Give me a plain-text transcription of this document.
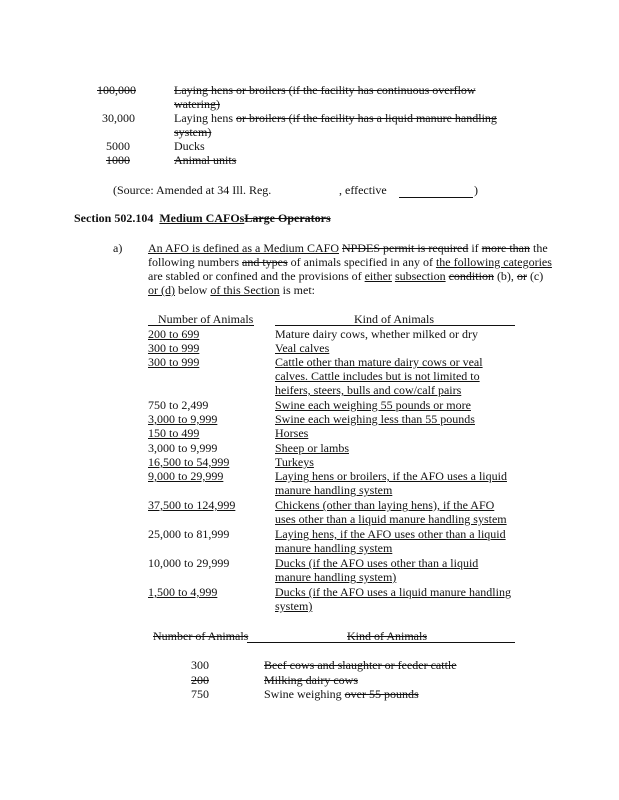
100,000	Laying hens or broilers (if the facility has continuous overflow
watering)
30,000	Laying hens or broilers (if the facility has a liquid manure handling
system)
5000	Ducks
1000	Animal units
(Source: Amended at 34 Ill. Reg.	, effective	)
Section 502.104 Medium CAFOsLarge Operators
a) An AFO is defined as a Medium CAFO NPDES permit is required if more than the
following numbers and types of animals specified in any of the following categories
are stabled or confined and the provisions of either subsection condition (b), or (c)
or (d) below of this Section is met:
Number of Animals	Kind of Animals
200 to 699	Mature dairy cows, whether milked or dry
300 to 999	Veal calves
300 to 999	Cattle other than mature dairy cows or veal
calves. Cattle includes but is not limited to
heifers, steers, bulls and cow/calf pairs
750 to 2,499	Swine each weighing 55 pounds or more
3,000 to 9,999	Swine each weighing less than 55 pounds
150 to 499	Horses
3,000 to 9,999	Sheep or lambs
16,500 to 54,999	Turkeys
9,000 to 29,999	Laying hens or broilers, if the AFO uses a liquid
manure handling system
37,500 to 124,999	Chickens (other than laying hens), if the AFO
uses other than a liquid manure handling system
25,000 to 81,999	Laying hens, if the AFO uses other than a liquid
manure handling system
10,000 to 29,999	Ducks (if the AFO uses other than a liquid
manure handling system)
1,500 to 4,999	Ducks (if the AFO uses a liquid manure handling
system)
Number of Animals	Kind of Animals
300	Beef cows and slaughter or feeder cattle
200	Milking dairy cows
750	Swine weighing over 55 pounds
